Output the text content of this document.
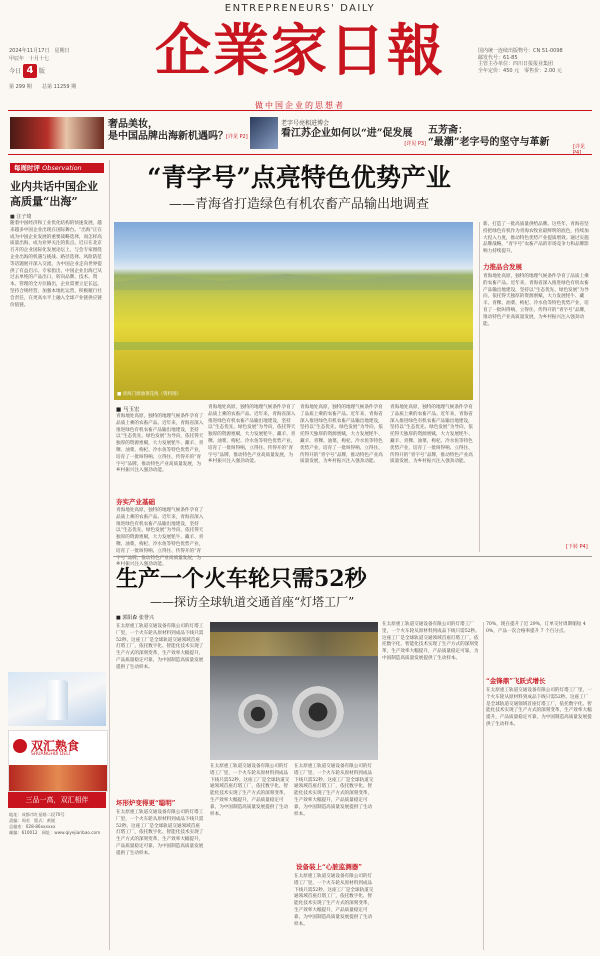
ENTREPRENEURS' DAILY
企業家日報
做中国企业的思想者
2024年11月17日　星期日
甲辰年　十月十七
今日 4 版
第 299 期 总第 11259 期
国内统一连续出版物号：CN 51-0098
邮发代号：61-85
主管主办单位：四川日报报业集团
全年定价：450 元　 零售价：2.00 元
奢品美妆，
是中国品牌出海新机遇吗？
[详见 P2]
老字号亮相进博会
看江苏企业如何以“进”促发展
[详见 P3]
五芳斋：
“最潮”老字号的坚守与革新	[详见 P4]
每周时评 Observation
业内共话中国企业高质量“出海”
■ 汪子琦
随着中国经济和工业优化结构的快速发展，越来越多中国企业出现在国际舞台。“出海”正在成为中国企业发展的重要战略选择，而怎样高质量出海，成为业界关注的焦点。近日在北京召开的企业国际化发展论坛上，与会专家围绕企业出海的机遇与挑战、路径选择、风险防范等话题展开深入交流，为中国企业走向世界提供了有益启示。专家指出，中国企业出海已从过去单纯的产品出口，转向品牌、技术、资本、管理的全方位输出，企业需要立足长远，坚持合规经营，加强本地化运营，积极履行社会责任，在更高水平上融入全球产业链供应链价值链。
双汇熟食
SHUANGHUI DELI
三品一高，双汇相伴
地址：成都市红星路二段70号
责编：周若　版式：黄媛
总编室：028-86xxxxxx
邮编：610012　网址：www.qiyejiaribao.com
“青字号”点亮特色优势产业
——青海省打造绿色有机农畜产品输出地调查
■ 青海门源油菜花海（资料图）
新、打造了一批高质量供给品牌。这些年，青海省坚持把绿色有机作为青海农牧业最鲜明的底色，持续加大投入力度，推动特色优势产业提质增效。通过实施品牌战略，“青字号”农畜产品的市场竞争力和品牌影响力持续提升。
力推品合发展
青海地处高原，独特的地理气候条件孕育了品质上乘的农畜产品。近年来，青海省深入推进绿色有机农畜产品输出地建设，坚持以“生态优先、绿色发展”为导向，依托得天独厚的资源禀赋，大力发展牦牛、藏羊、青稞、油菜、枸杞、冷水鱼等特色优势产业，培育了一批叫得响、立得住、传得开的“青字号”品牌，推动特色产业高质量发展，为乡村振兴注入强劲动能。
[下转 P4]
■ 马玉宏
青海地处高原，独特的地理气候条件孕育了品质上乘的农畜产品。近年来，青海省深入推进绿色有机农畜产品输出地建设，坚持以“生态优先、绿色发展”为导向，依托得天独厚的资源禀赋，大力发展牦牛、藏羊、青稞、油菜、枸杞、冷水鱼等特色优势产业，培育了一批叫得响、立得住、传得开的“青字号”品牌，推动特色产业高质量发展，为乡村振兴注入强劲动能。
夯实产业基础
青海地处高原，独特的地理气候条件孕育了品质上乘的农畜产品。近年来，青海省深入推进绿色有机农畜产品输出地建设，坚持以“生态优先、绿色发展”为导向，依托得天独厚的资源禀赋，大力发展牦牛、藏羊、青稞、油菜、枸杞、冷水鱼等特色优势产业，培育了一批叫得响、立得住、传得开的“青字号”品牌，推动特色产业高质量发展，为乡村振兴注入强劲动能。
青海地处高原，独特的地理气候条件孕育了品质上乘的农畜产品。近年来，青海省深入推进绿色有机农畜产品输出地建设，坚持以“生态优先、绿色发展”为导向，依托得天独厚的资源禀赋，大力发展牦牛、藏羊、青稞、油菜、枸杞、冷水鱼等特色优势产业，培育了一批叫得响、立得住、传得开的“青字号”品牌，推动特色产业高质量发展，为乡村振兴注入强劲动能。
青海地处高原，独特的地理气候条件孕育了品质上乘的农畜产品。近年来，青海省深入推进绿色有机农畜产品输出地建设，坚持以“生态优先、绿色发展”为导向，依托得天独厚的资源禀赋，大力发展牦牛、藏羊、青稞、油菜、枸杞、冷水鱼等特色优势产业，培育了一批叫得响、立得住、传得开的“青字号”品牌，推动特色产业高质量发展，为乡村振兴注入强劲动能。
青海地处高原，独特的地理气候条件孕育了品质上乘的农畜产品。近年来，青海省深入推进绿色有机农畜产品输出地建设，坚持以“生态优先、绿色发展”为导向，依托得天独厚的资源禀赋，大力发展牦牛、藏羊、青稞、油菜、枸杞、冷水鱼等特色优势产业，培育了一批叫得响、立得住、传得开的“青字号”品牌，推动特色产业高质量发展，为乡村振兴注入强劲动能。
生产一个火车轮只需52秒
——探访全球轨道交通首座“灯塔工厂”
■ 郭阳森 张誉兴
在太原重工轨道交通设备有限公司的灯塔工厂里，一个火车轮从原材料到成品下线只需52秒。这座工厂是全球轨道交通领域首座灯塔工厂，依托数字化、智能化技术实现了生产方式的深刻变革，生产效率大幅提升，产品质量稳定可靠，为中国制造高质量发展提供了生动样本。
坏形炉变得更“聪明”
在太原重工轨道交通设备有限公司的灯塔工厂里，一个火车轮从原材料到成品下线只需52秒。这座工厂是全球轨道交通领域首座灯塔工厂，依托数字化、智能化技术实现了生产方式的深刻变革，生产效率大幅提升，产品质量稳定可靠，为中国制造高质量发展提供了生动样本。
在太原重工轨道交通设备有限公司的灯塔工厂里，一个火车轮从原材料到成品下线只需52秒。这座工厂是全球轨道交通领域首座灯塔工厂，依托数字化、智能化技术实现了生产方式的深刻变革，生产效率大幅提升，产品质量稳定可靠，为中国制造高质量发展提供了生动样本。
在太原重工轨道交通设备有限公司的灯塔工厂里，一个火车轮从原材料到成品下线只需52秒。这座工厂是全球轨道交通领域首座灯塔工厂，依托数字化、智能化技术实现了生产方式的深刻变革，生产效率大幅提升，产品质量稳定可靠，为中国制造高质量发展提供了生动样本。
设备装上“心脏监测器”
在太原重工轨道交通设备有限公司的灯塔工厂里，一个火车轮从原材料到成品下线只需52秒。这座工厂是全球轨道交通领域首座灯塔工厂，依托数字化、智能化技术实现了生产方式的深刻变革，生产效率大幅提升，产品质量稳定可靠，为中国制造高质量发展提供了生动样本。
在太原重工轨道交通设备有限公司的灯塔工厂里，一个火车轮从原材料到成品下线只需52秒。这座工厂是全球轨道交通领域首座灯塔工厂，依托数字化、智能化技术实现了生产方式的深刻变革，生产效率大幅提升，产品质量稳定可靠，为中国制造高质量发展提供了生动样本。
70%，现在提升了近 29%，订单交付周期缩短 40%，产品一次合格率提升 7 个百分点。
“金锋鼎”飞跃式增长
在太原重工轨道交通设备有限公司的灯塔工厂里，一个火车轮从原材料到成品下线只需52秒。这座工厂是全球轨道交通领域首座灯塔工厂，依托数字化、智能化技术实现了生产方式的深刻变革，生产效率大幅提升，产品质量稳定可靠，为中国制造高质量发展提供了生动样本。
